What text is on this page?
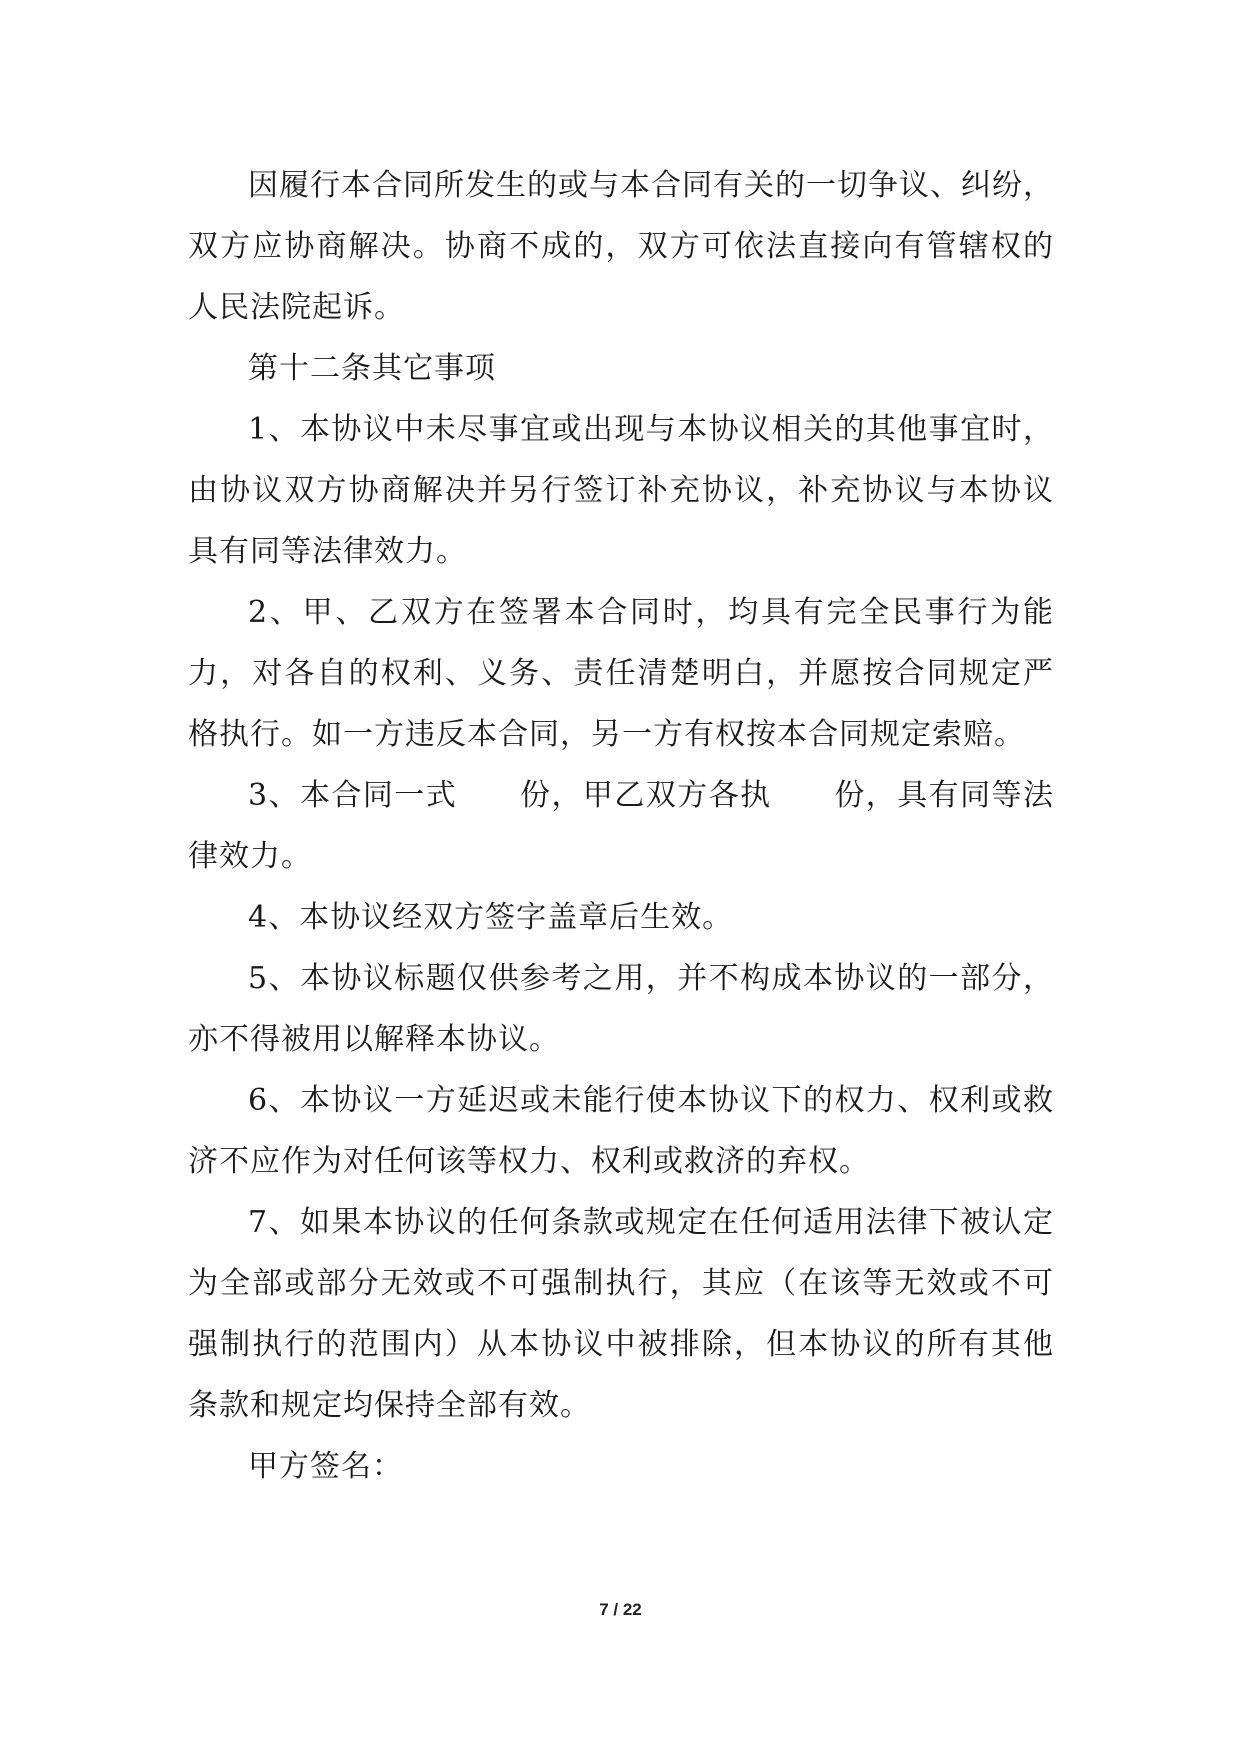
因履行本合同所发生的或与本合同有关的一切争议、纠纷，双方应协商解决。协商不成的，双方可依法直接向有管辖权的人民法院起诉。

第十二条其它事项

1、本协议中未尽事宜或出现与本协议相关的其他事宜时，由协议双方协商解决并另行签订补充协议，补充协议与本协议具有同等法律效力。

2、甲、乙双方在签署本合同时，均具有完全民事行为能力，对各自的权利、义务、责任清楚明白，并愿按合同规定严格执行。如一方违反本合同，另一方有权按本合同规定索赔。

3、本合同一式　　份，甲乙双方各执　　份，具有同等法律效力。

4、本协议经双方签字盖章后生效。

5、本协议标题仅供参考之用，并不构成本协议的一部分，亦不得被用以解释本协议。

6、本协议一方延迟或未能行使本协议下的权力、权利或救济不应作为对任何该等权力、权利或救济的弃权。

7、如果本协议的任何条款或规定在任何适用法律下被认定为全部或部分无效或不可强制执行，其应（在该等无效或不可强制执行的范围内）从本协议中被排除，但本协议的所有其他条款和规定均保持全部有效。

甲方签名：

7 / 22
